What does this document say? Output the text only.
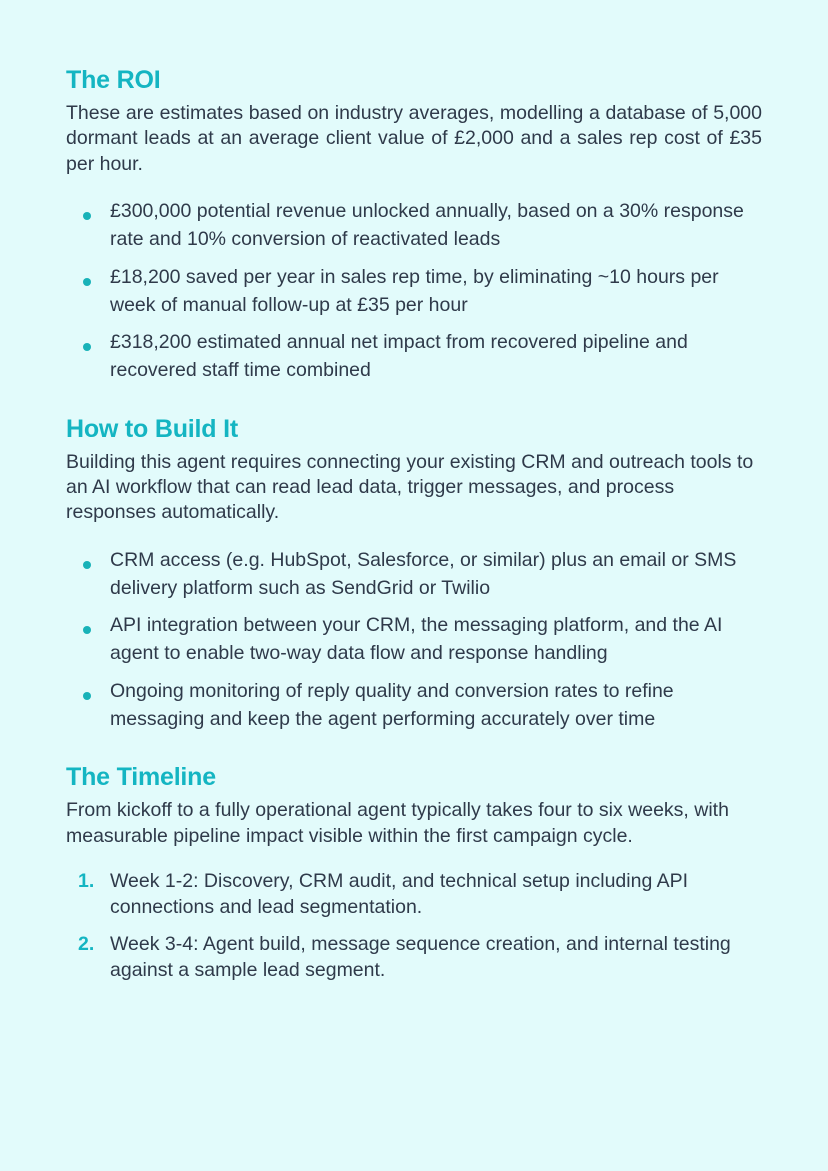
The ROI

These are estimates based on industry averages, modelling a database of 5,000 dormant leads at an average client value of £2,000 and a sales rep cost of £35 per hour.

£300,000 potential revenue unlocked annually, based on a 30% response rate and 10% conversion of reactivated leads
£18,200 saved per year in sales rep time, by eliminating ~10 hours per week of manual follow-up at £35 per hour
£318,200 estimated annual net impact from recovered pipeline and recovered staff time combined
How to Build It

Building this agent requires connecting your existing CRM and outreach tools to an AI workflow that can read lead data, trigger messages, and process responses automatically.

CRM access (e.g. HubSpot, Salesforce, or similar) plus an email or SMS delivery platform such as SendGrid or Twilio
API integration between your CRM, the messaging platform, and the AI agent to enable two-way data flow and response handling
Ongoing monitoring of reply quality and conversion rates to refine messaging and keep the agent performing accurately over time
The Timeline

From kickoff to a fully operational agent typically takes four to six weeks, with measurable pipeline impact visible within the first campaign cycle.

1. Week 1-2: Discovery, CRM audit, and technical setup including API connections and lead segmentation.
2. Week 3-4: Agent build, message sequence creation, and internal testing against a sample lead segment.
